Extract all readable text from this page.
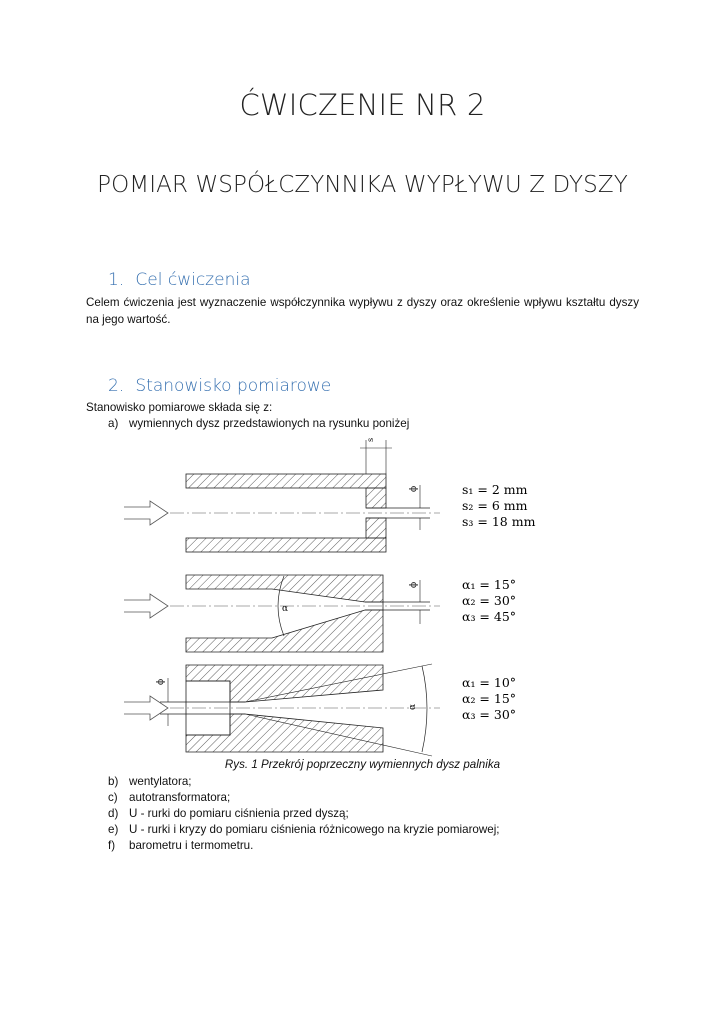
ĆWICZENIE NR 2
POMIAR WSPÓŁCZYNNIKA WYPŁYWU Z DYSZY
1. Cel ćwiczenia
Celem ćwiczenia jest wyznaczenie współczynnika wypływu z dyszy oraz określenie wpływu kształtu dyszy na jego wartość.
2. Stanowisko pomiarowe
Stanowisko pomiarowe składa się z:
a) wymiennych dysz przedstawionych na rysunku poniżej
s
ϕ
α
ϕ
α
ϕ
s₁ = 2 mm
s₂ = 6 mm
s₃ = 18 mm
α₁ = 15°
α₂ = 30°
α₃ = 45°
α₁ = 10°
α₂ = 15°
α₃ = 30°
Rys. 1 Przekrój poprzeczny wymiennych dysz palnika
b) wentylatora;
c) autotransformatora;
d) U - rurki do pomiaru ciśnienia przed dyszą;
e) U - rurki i kryzy do pomiaru ciśnienia różnicowego na kryzie pomiarowej;
f) barometru i termometru.
